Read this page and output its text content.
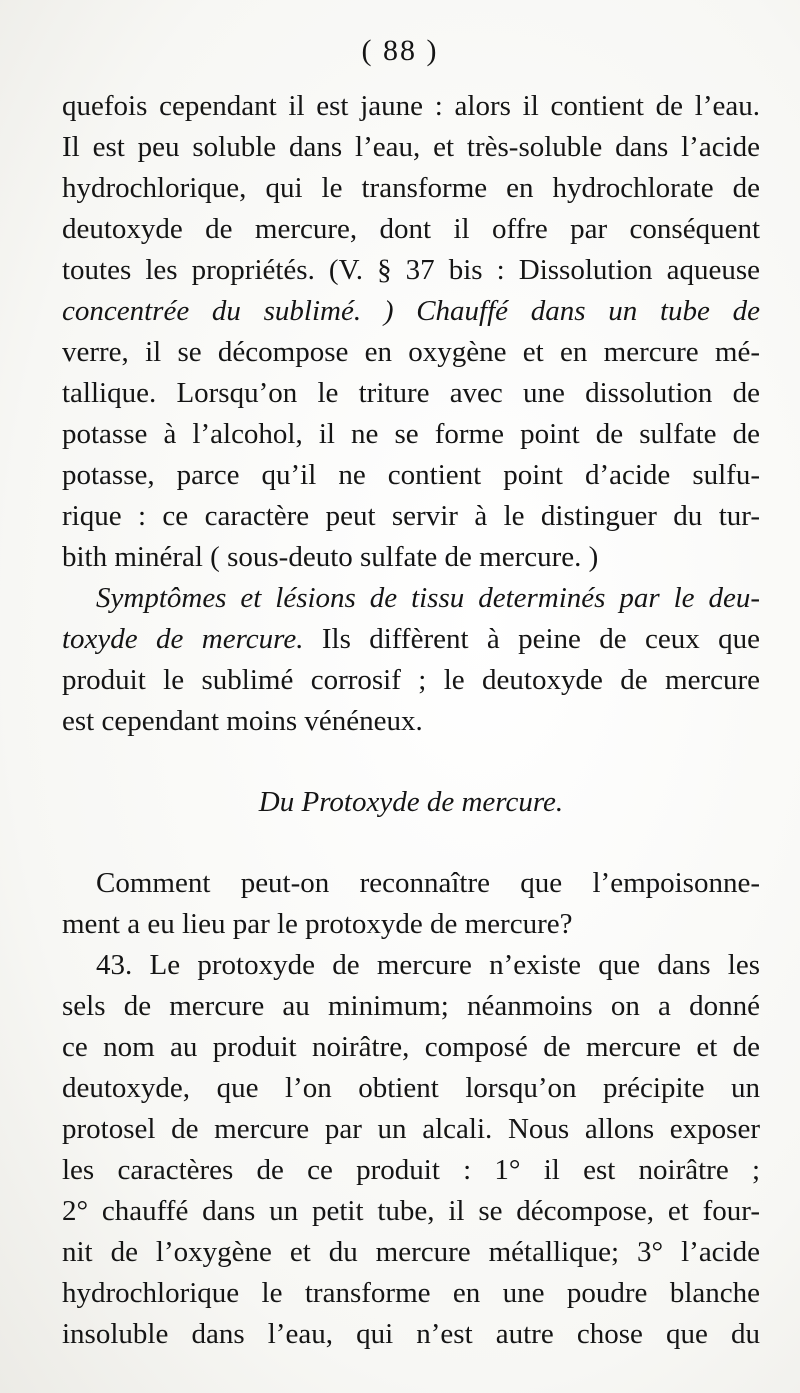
( 88 )
quefois cependant il est jaune : alors il contient de l’eau.
Il est peu soluble dans l’eau, et très-soluble dans l’acide
hydrochlorique, qui le transforme en hydrochlorate de
deutoxyde de mercure, dont il offre par conséquent
toutes les propriétés. (V. § 37 bis : Dissolution aqueuse
concentrée du sublimé. ) Chauffé dans un tube de
verre, il se décompose en oxygène et en mercure mé-
tallique. Lorsqu’on le triture avec une dissolution de
potasse à l’alcohol, il ne se forme point de sulfate de
potasse, parce qu’il ne contient point d’acide sulfu-
rique : ce caractère peut servir à le distinguer du tur-
bith minéral ( sous-deuto sulfate de mercure. )
Symptômes et lésions de tissu determinés par le deu-
toxyde de mercure. Ils diffèrent à peine de ceux que
produit le sublimé corrosif ; le deutoxyde de mercure
est cependant moins vénéneux.
Du Protoxyde de mercure.
Comment peut-on reconnaître que l’empoisonne-
ment a eu lieu par le protoxyde de mercure?
43. Le protoxyde de mercure n’existe que dans les
sels de mercure au minimum; néanmoins on a donné
ce nom au produit noirâtre, composé de mercure et de
deutoxyde, que l’on obtient lorsqu’on précipite un
protosel de mercure par un alcali. Nous allons exposer
les caractères de ce produit : 1° il est noirâtre ;
2° chauffé dans un petit tube, il se décompose, et four-
nit de l’oxygène et du mercure métallique; 3° l’acide
hydrochlorique le transforme en une poudre blanche
insoluble dans l’eau, qui n’est autre chose que du
